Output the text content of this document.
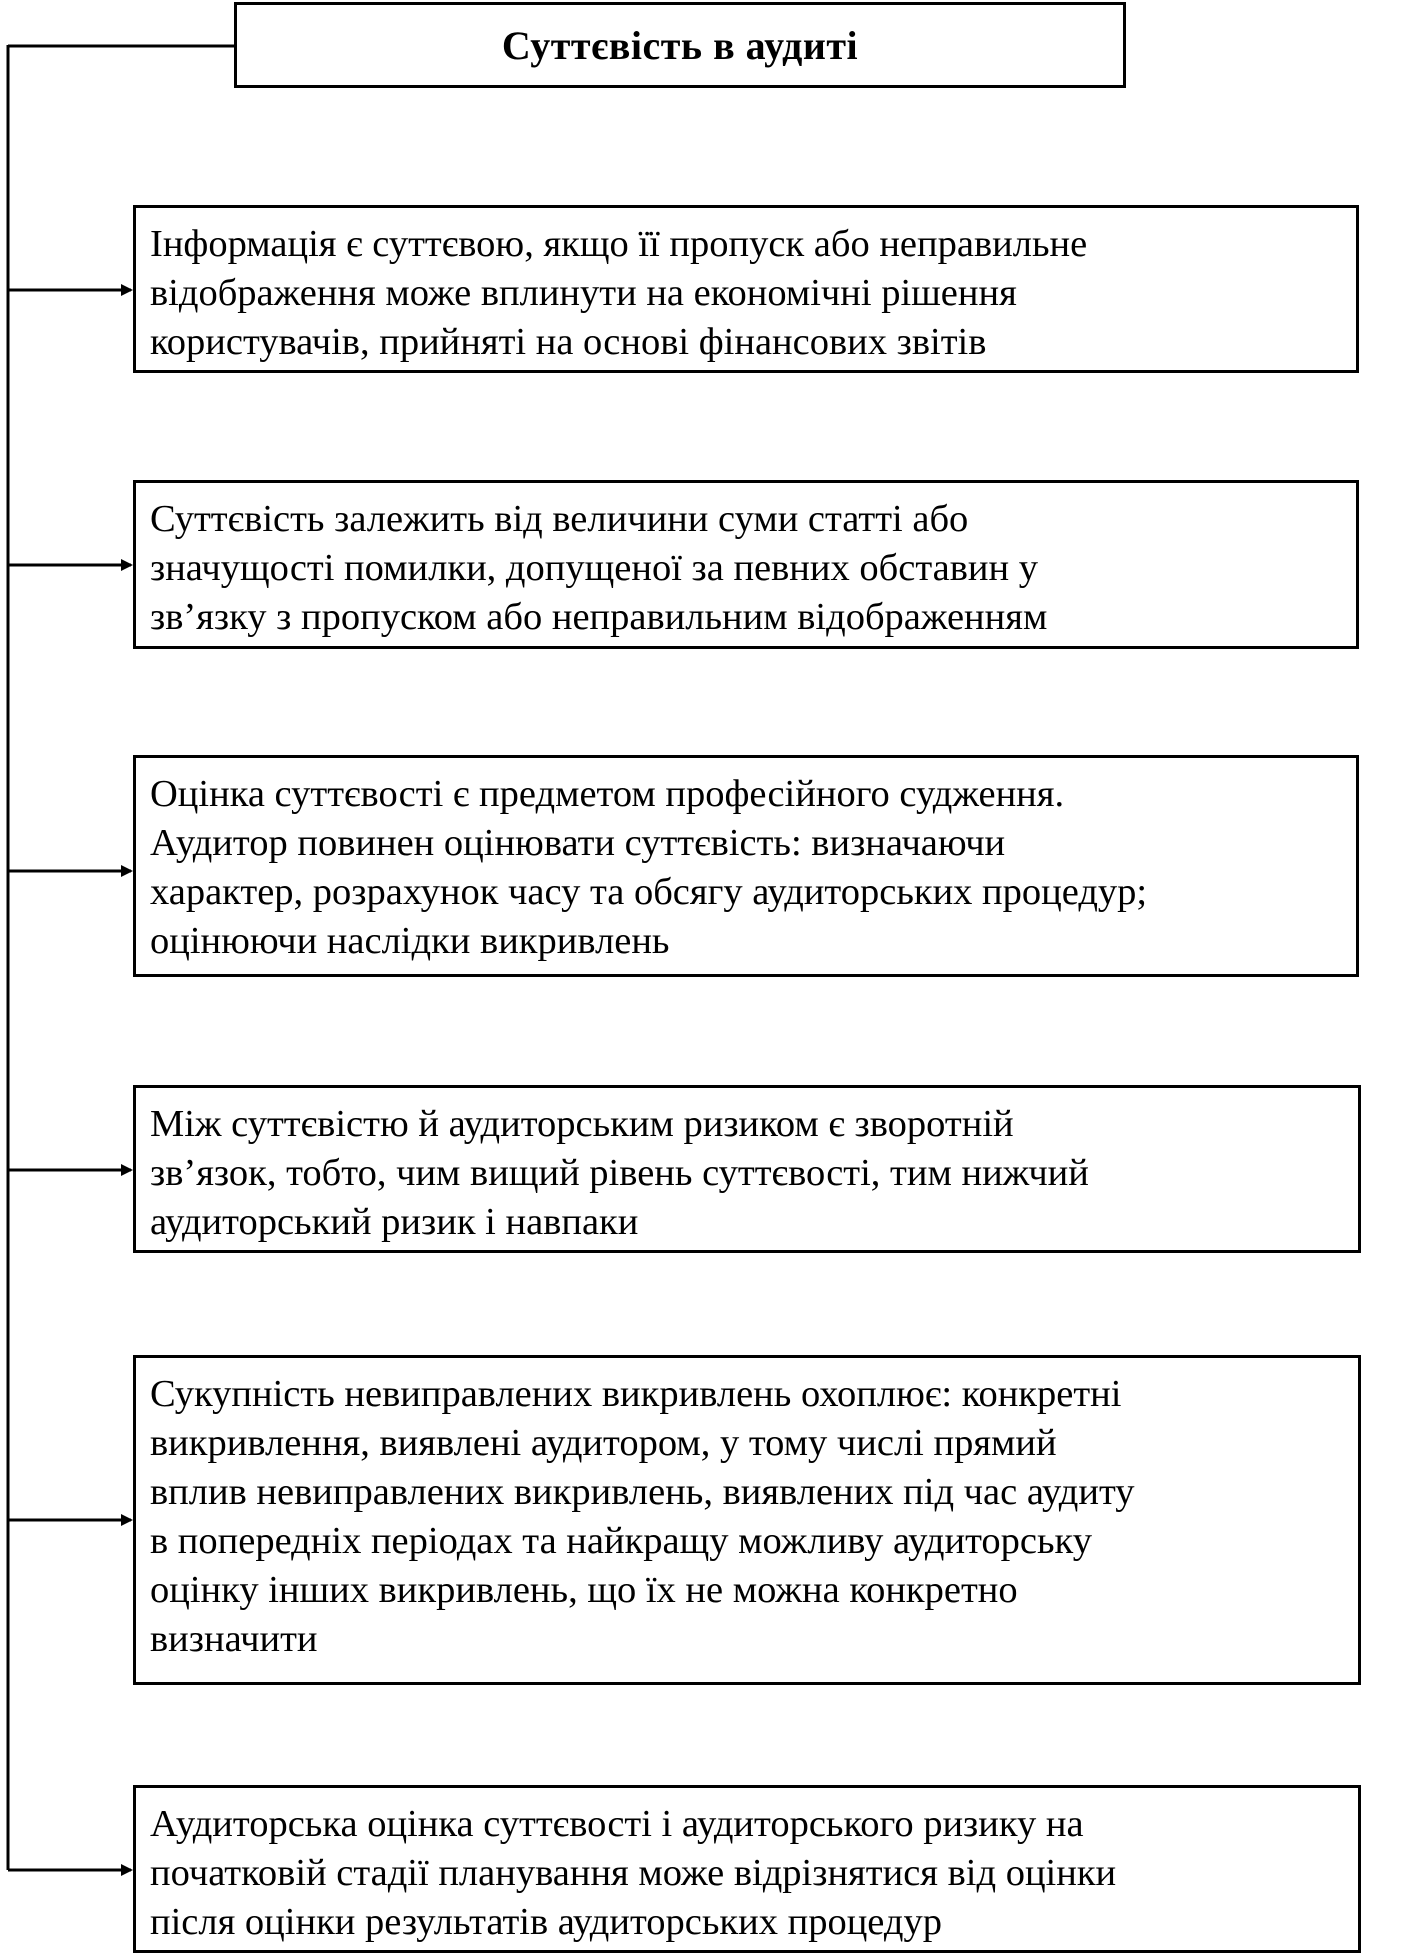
Суттєвість в аудиті
Інформація є суттєвою, якщо її пропуск або неправильне
відображення може вплинути на економічні рішення
користувачів, прийняті на основі фінансових звітів
Суттєвість залежить від величини суми статті або
значущості помилки, допущеної за певних обставин у
зв’язку з пропуском або неправильним відображенням
Оцінка суттєвості є предметом професійного судження.
Аудитор повинен оцінювати суттєвість: визначаючи
характер, розрахунок часу та обсягу аудиторських процедур;
оцінюючи наслідки викривлень
Між суттєвістю й аудиторським ризиком є зворотній
зв’язок, тобто, чим вищий рівень суттєвості, тим нижчий
аудиторський ризик і навпаки
Сукупність невиправлених викривлень охоплює: конкретні
викривлення, виявлені аудитором, у тому числі прямий
вплив невиправлених викривлень, виявлених під час аудиту
в попередніх періодах та найкращу можливу аудиторську
оцінку інших викривлень, що їх не можна конкретно
визначити
Аудиторська оцінка суттєвості і аудиторського ризику на
початковій стадії планування може відрізнятися від оцінки
після оцінки результатів аудиторських процедур
